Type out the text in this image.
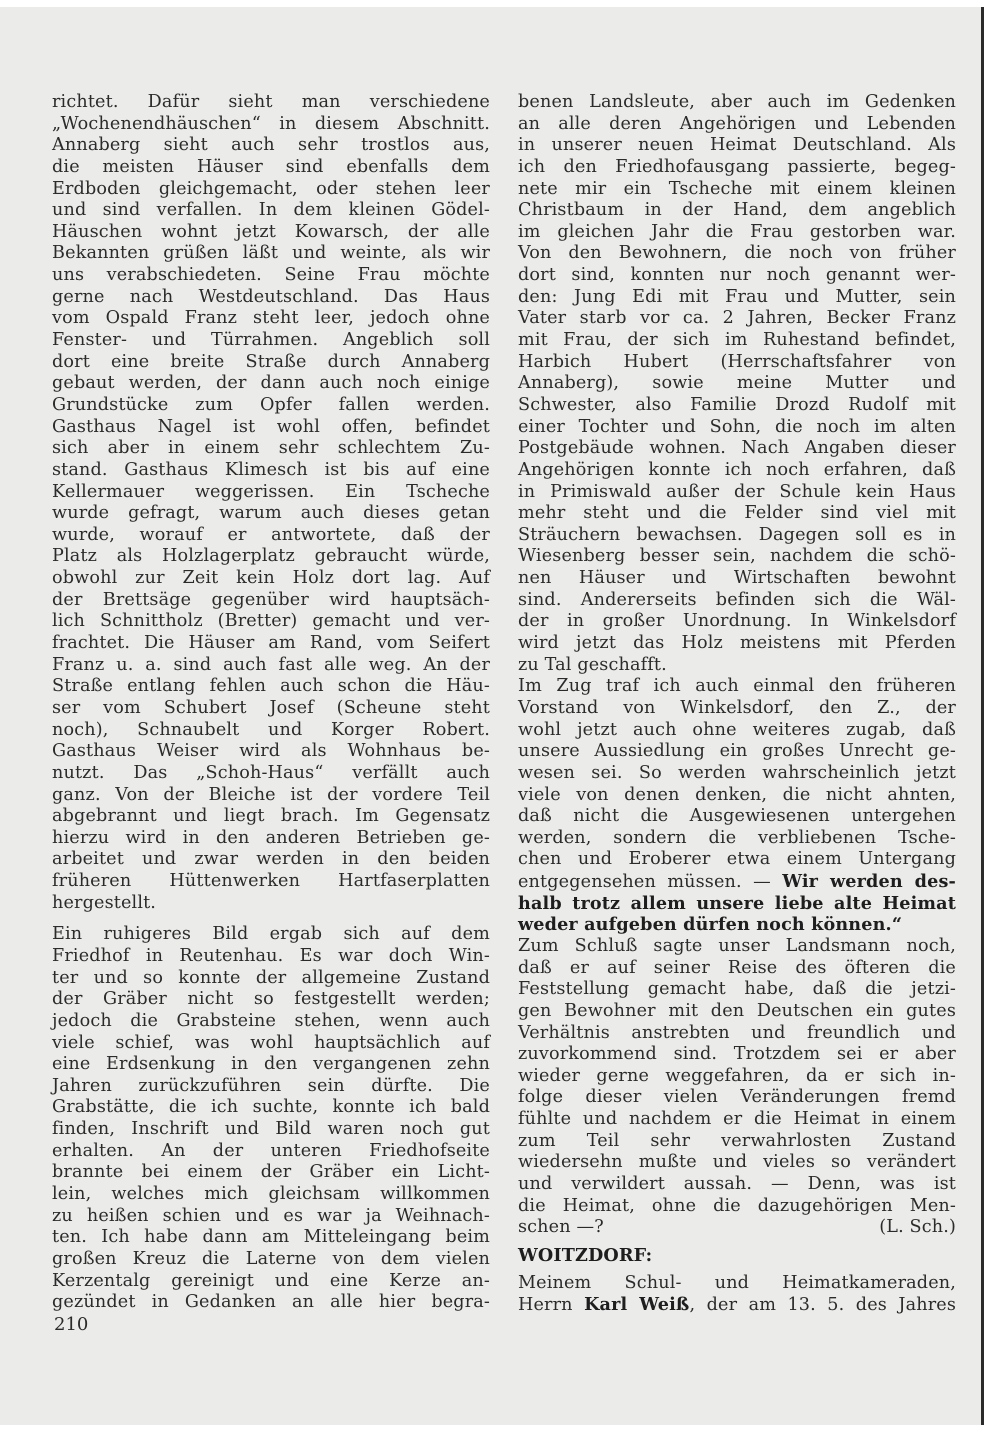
richtet. Dafür sieht man verschiedene
„Wochenendhäuschen“ in diesem Abschnitt.
Annaberg sieht auch sehr trostlos aus,
die meisten Häuser sind ebenfalls dem
Erdboden gleichgemacht, oder stehen leer
und sind verfallen. In dem kleinen Gödel-
Häuschen wohnt jetzt Kowarsch, der alle
Bekannten grüßen läßt und weinte, als wir
uns verabschiedeten. Seine Frau möchte
gerne nach Westdeutschland. Das Haus
vom Ospald Franz steht leer, jedoch ohne
Fenster- und Türrahmen. Angeblich soll
dort eine breite Straße durch Annaberg
gebaut werden, der dann auch noch einige
Grundstücke zum Opfer fallen werden.
Gasthaus Nagel ist wohl offen, befindet
sich aber in einem sehr schlechtem Zu-
stand. Gasthaus Klimesch ist bis auf eine
Kellermauer weggerissen. Ein Tscheche
wurde gefragt, warum auch dieses getan
wurde, worauf er antwortete, daß der
Platz als Holzlagerplatz gebraucht würde,
obwohl zur Zeit kein Holz dort lag. Auf
der Brettsäge gegenüber wird hauptsäch-
lich Schnittholz (Bretter) gemacht und ver-
frachtet. Die Häuser am Rand, vom Seifert
Franz u. a. sind auch fast alle weg. An der
Straße entlang fehlen auch schon die Häu-
ser vom Schubert Josef (Scheune steht
noch), Schnaubelt und Korger Robert.
Gasthaus Weiser wird als Wohnhaus be-
nutzt. Das „Schoh-Haus“ verfällt auch
ganz. Von der Bleiche ist der vordere Teil
abgebrannt und liegt brach. Im Gegensatz
hierzu wird in den anderen Betrieben ge-
arbeitet und zwar werden in den beiden
früheren Hüttenwerken Hartfaserplatten
hergestellt.
Ein ruhigeres Bild ergab sich auf dem
Friedhof in Reutenhau. Es war doch Win-
ter und so konnte der allgemeine Zustand
der Gräber nicht so festgestellt werden;
jedoch die Grabsteine stehen, wenn auch
viele schief, was wohl hauptsächlich auf
eine Erdsenkung in den vergangenen zehn
Jahren zurückzuführen sein dürfte. Die
Grabstätte, die ich suchte, konnte ich bald
finden, Inschrift und Bild waren noch gut
erhalten. An der unteren Friedhofseite
brannte bei einem der Gräber ein Licht-
lein, welches mich gleichsam willkommen
zu heißen schien und es war ja Weihnach-
ten. Ich habe dann am Mitteleingang beim
großen Kreuz die Laterne von dem vielen
Kerzentalg gereinigt und eine Kerze an-
gezündet in Gedanken an alle hier begra-
benen Landsleute, aber auch im Gedenken
an alle deren Angehörigen und Lebenden
in unserer neuen Heimat Deutschland. Als
ich den Friedhofausgang passierte, begeg-
nete mir ein Tscheche mit einem kleinen
Christbaum in der Hand, dem angeblich
im gleichen Jahr die Frau gestorben war.
Von den Bewohnern, die noch von früher
dort sind, konnten nur noch genannt wer-
den: Jung Edi mit Frau und Mutter, sein
Vater starb vor ca. 2 Jahren, Becker Franz
mit Frau, der sich im Ruhestand befindet,
Harbich Hubert (Herrschaftsfahrer von
Annaberg), sowie meine Mutter und
Schwester, also Familie Drozd Rudolf mit
einer Tochter und Sohn, die noch im alten
Postgebäude wohnen. Nach Angaben dieser
Angehörigen konnte ich noch erfahren, daß
in Primiswald außer der Schule kein Haus
mehr steht und die Felder sind viel mit
Sträuchern bewachsen. Dagegen soll es in
Wiesenberg besser sein, nachdem die schö-
nen Häuser und Wirtschaften bewohnt
sind. Andererseits befinden sich die Wäl-
der in großer Unordnung. In Winkelsdorf
wird jetzt das Holz meistens mit Pferden
zu Tal geschafft.
Im Zug traf ich auch einmal den früheren
Vorstand von Winkelsdorf, den Z., der
wohl jetzt auch ohne weiteres zugab, daß
unsere Aussiedlung ein großes Unrecht ge-
wesen sei. So werden wahrscheinlich jetzt
viele von denen denken, die nicht ahnten,
daß nicht die Ausgewiesenen untergehen
werden, sondern die verbliebenen Tsche-
chen und Eroberer etwa einem Untergang
entgegensehen müssen. — Wir werden des-
halb trotz allem unsere liebe alte Heimat
weder aufgeben dürfen noch können.“
Zum Schluß sagte unser Landsmann noch,
daß er auf seiner Reise des öfteren die
Feststellung gemacht habe, daß die jetzi-
gen Bewohner mit den Deutschen ein gutes
Verhältnis anstrebten und freundlich und
zuvorkommend sind. Trotzdem sei er aber
wieder gerne weggefahren, da er sich in-
folge dieser vielen Veränderungen fremd
fühlte und nachdem er die Heimat in einem
zum Teil sehr verwahrlosten Zustand
wiedersehn mußte und vieles so verändert
und verwildert aussah. — Denn, was ist
die Heimat, ohne die dazugehörigen Men-
schen —?	(L. Sch.)
WOITZDORF:
Meinem Schul- und Heimatkameraden,
Herrn Karl Weiß, der am 13. 5. des Jahres
210
